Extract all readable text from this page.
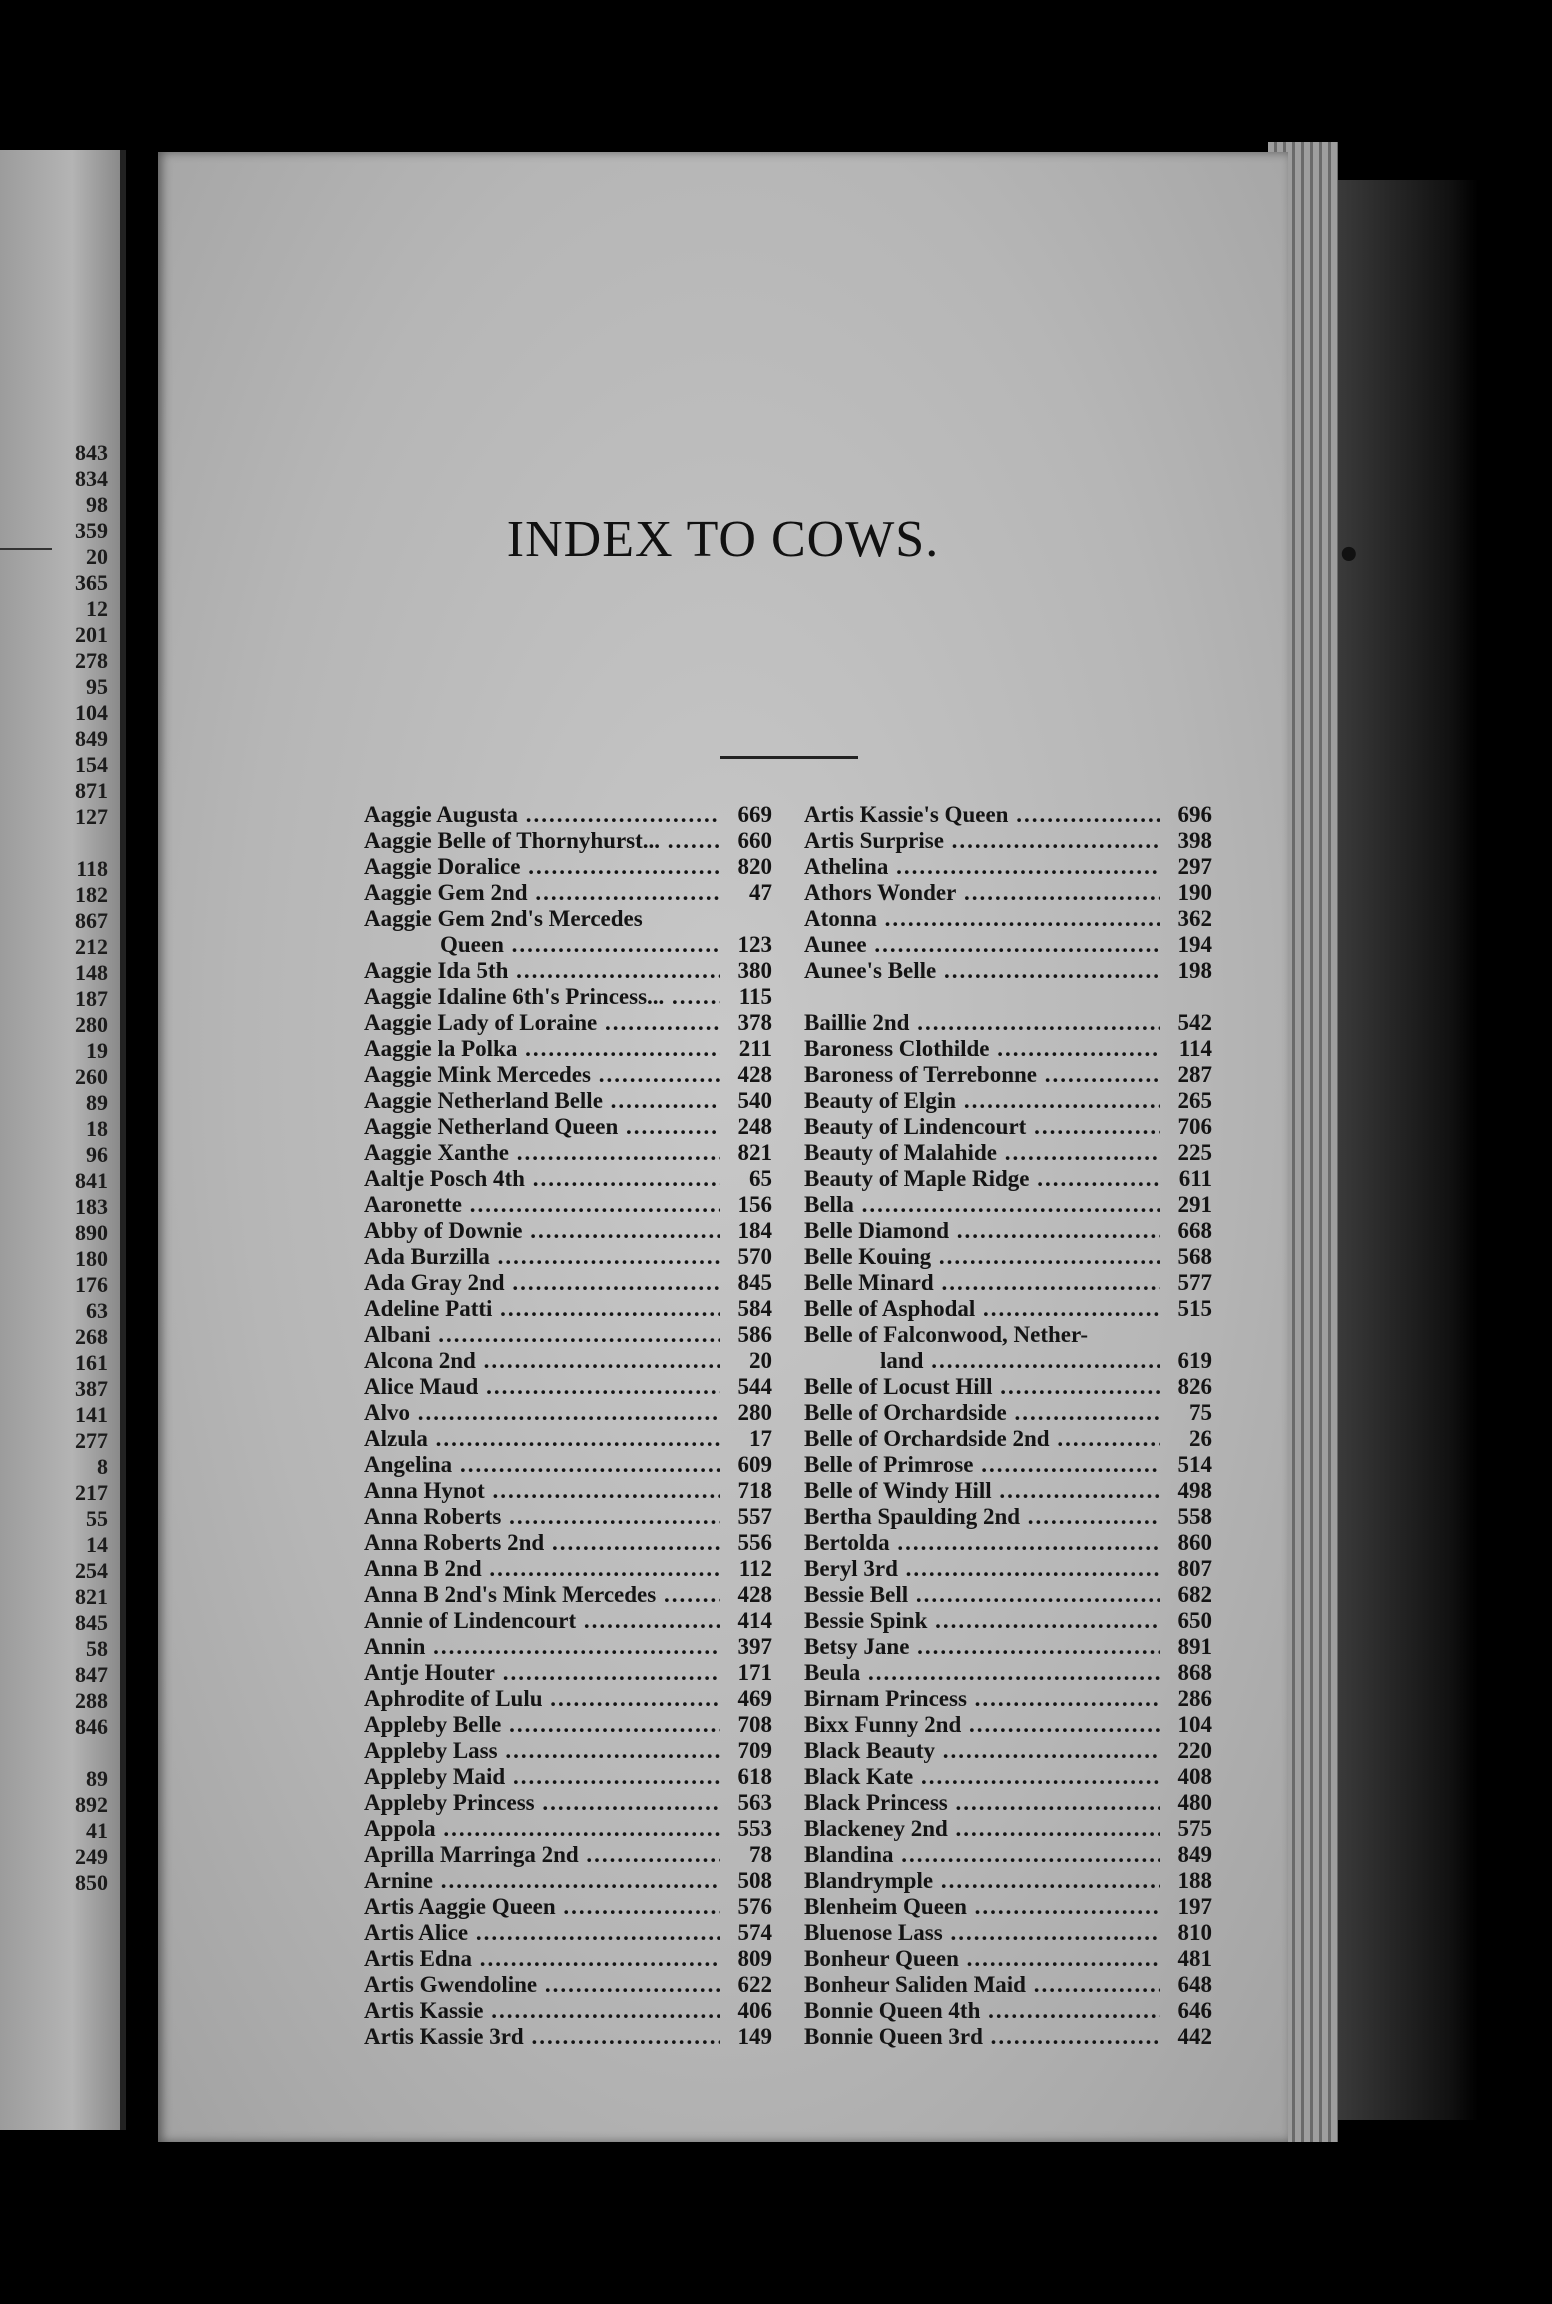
843
834
98
359
20
365
12
201
278
95
104
849
154
871
127
118
182
867
212
148
187
280
19
260
89
18
96
841
183
890
180
176
63
268
161
387
141
277
8
217
55
14
254
821
845
58
847
288
846
89
892
41
249
850
•
INDEX TO COWS.
Aaggie Augusta .....	669
Aaggie Belle of Thornyhurst... .....	660
Aaggie Doralice .....	820
Aaggie Gem 2nd .....	47
Aaggie Gem 2nd's Mercedes
Queen .....	123
Aaggie Ida 5th .....	380
Aaggie Idaline 6th's Princess... .....	115
Aaggie Lady of Loraine .....	378
Aaggie la Polka .....	211
Aaggie Mink Mercedes .....	428
Aaggie Netherland Belle .....	540
Aaggie Netherland Queen .....	248
Aaggie Xanthe .....	821
Aaltje Posch 4th .....	65
Aaronette .....	156
Abby of Downie .....	184
Ada Burzilla .....	570
Ada Gray 2nd .....	845
Adeline Patti .....	584
Albani .....	586
Alcona 2nd .....	20
Alice Maud .....	544
Alvo .....	280
Alzula .....	17
Angelina .....	609
Anna Hynot .....	718
Anna Roberts .....	557
Anna Roberts 2nd .....	556
Anna B 2nd .....	112
Anna B 2nd's Mink Mercedes .....	428
Annie of Lindencourt .....	414
Annin .....	397
Antje Houter .....	171
Aphrodite of Lulu .....	469
Appleby Belle .....	708
Appleby Lass .....	709
Appleby Maid .....	618
Appleby Princess .....	563
Appola .....	553
Aprilla Marringa 2nd .....	78
Arnine .....	508
Artis Aaggie Queen .....	576
Artis Alice .....	574
Artis Edna .....	809
Artis Gwendoline .....	622
Artis Kassie .....	406
Artis Kassie 3rd .....	149
Artis Kassie's Queen .....	696
Artis Surprise .....	398
Athelina .....	297
Athors Wonder .....	190
Atonna .....	362
Aunee .....	194
Aunee's Belle .....	198
Baillie 2nd .....	542
Baroness Clothilde .....	114
Baroness of Terrebonne .....	287
Beauty of Elgin .....	265
Beauty of Lindencourt .....	706
Beauty of Malahide .....	225
Beauty of Maple Ridge .....	611
Bella .....	291
Belle Diamond .....	668
Belle Kouing .....	568
Belle Minard .....	577
Belle of Asphodal .....	515
Belle of Falconwood, Nether-
land .....	619
Belle of Locust Hill .....	826
Belle of Orchardside .....	75
Belle of Orchardside 2nd .....	26
Belle of Primrose .....	514
Belle of Windy Hill .....	498
Bertha Spaulding 2nd .....	558
Bertolda .....	860
Beryl 3rd .....	807
Bessie Bell .....	682
Bessie Spink .....	650
Betsy Jane .....	891
Beula .....	868
Birnam Princess .....	286
Bixx Funny 2nd .....	104
Black Beauty .....	220
Black Kate .....	408
Black Princess .....	480
Blackeney 2nd .....	575
Blandina .....	849
Blandrymple .....	188
Blenheim Queen .....	197
Bluenose Lass .....	810
Bonheur Queen .....	481
Bonheur Saliden Maid .....	648
Bonnie Queen 4th .....	646
Bonnie Queen 3rd .....	442
